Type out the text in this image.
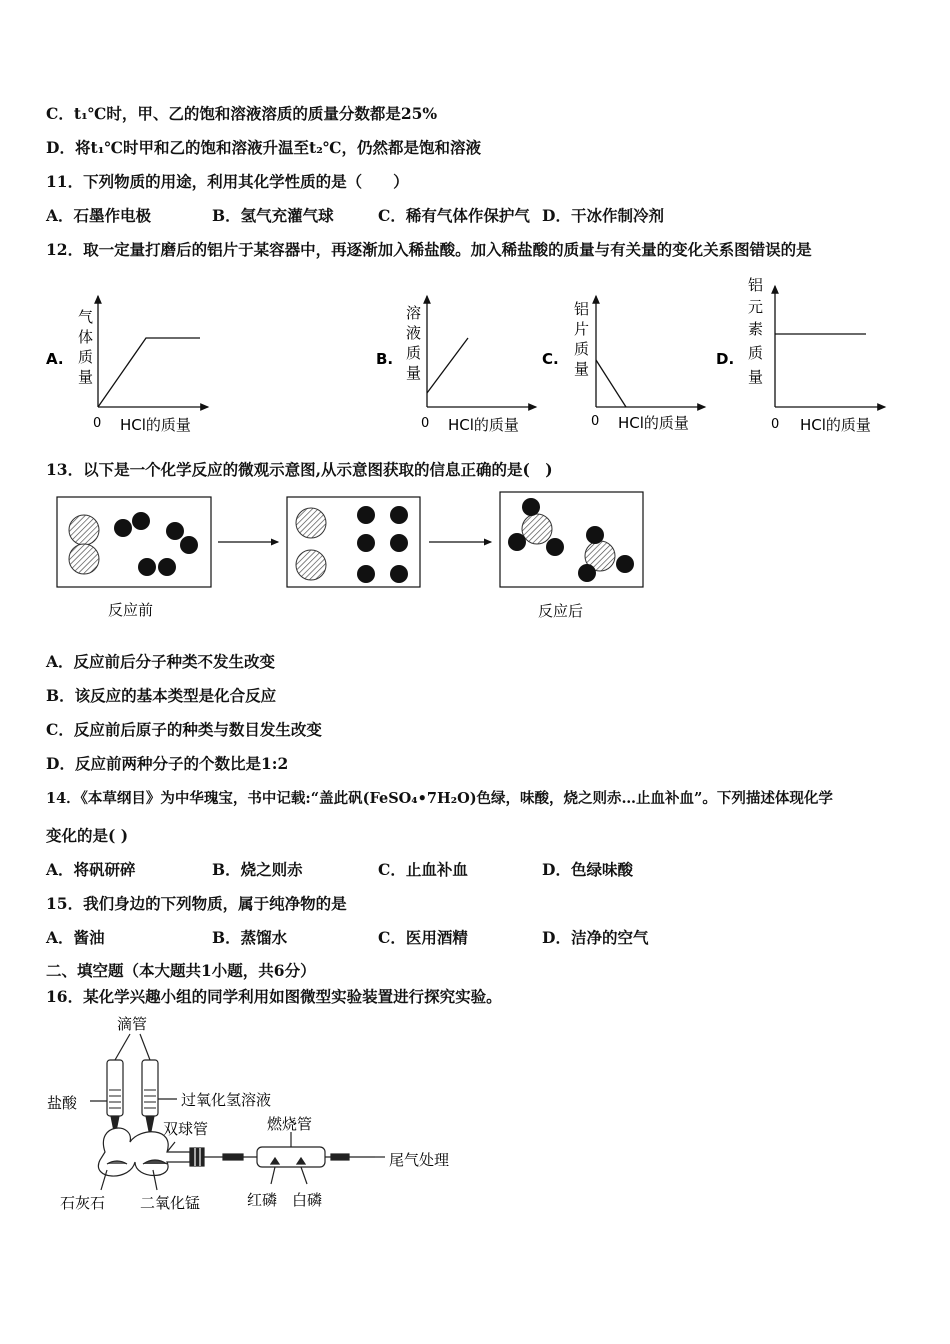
C．t₁℃时，甲、乙的饱和溶液溶质的质量分数都是25%
D．将t₁℃时甲和乙的饱和溶液升温至t₂℃，仍然都是饱和溶液
11．下列物质的用途，利用其化学性质的是（　　）
A．石墨作电极	B．氢气充灌气球	C．稀有气体作保护气 D．干冰作制冷剂
12．取一定量打磨后的铝片于某容器中，再逐渐加入稀盐酸。加入稀盐酸的质量与有关量的变化关系图错误的是
A.
气
体
质
量
0 HCl的质量
B.
溶
液
质
量
0 HCl的质量
C.
铝
片
质
量
0 HCl的质量
D.
铝
元
素
质
量
0 HCl的质量
13．以下是一个化学反应的微观示意图,从示意图获取的信息正确的是(　)
反应前	反应后
A．反应前后分子种类不发生改变
B．该反应的基本类型是化合反应
C．反应前后原子的种类与数目发生改变
D．反应前两种分子的个数比是1:2
14．《本草纲目》为中华瑰宝，书中记载:“盖此矾(FeSO₄•7H₂O)色绿，味酸，烧之则赤…止血补血”。下列描述体现化学
变化的是( )
A．将矾研碎	B．烧之则赤	C．止血补血	D．色绿味酸
15．我们身边的下列物质，属于纯净物的是
A．酱油	B．蒸馏水	C．医用酒精	D．洁净的空气
二、填空题（本大题共1小题，共6分）
16．某化学兴趣小组的同学利用如图微型实验装置进行探究实验。
滴管
盐酸	过氧化氢溶液
双球管	燃烧管
尾气处理
石灰石 二氧化锰	红磷 白磷
